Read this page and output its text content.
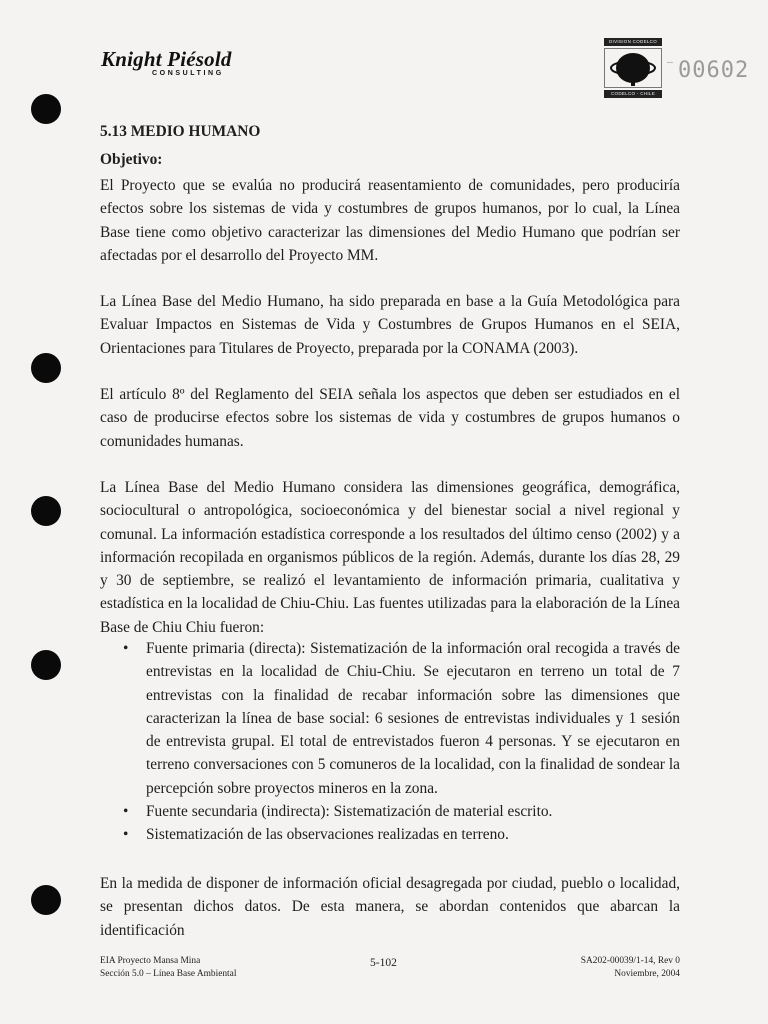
Knight Piésold
CONSULTING
DIVISION CODELCO
CODELCO - CHILE
00602
5.13 MEDIO HUMANO
Objetivo:

El Proyecto que se evalúa no producirá reasentamiento de comunidades, pero produciría efectos sobre los sistemas de vida y costumbres de grupos humanos, por lo cual, la Línea Base tiene como objetivo caracterizar las dimensiones del Medio Humano que podrían ser afectadas por el desarrollo del Proyecto MM.

La Línea Base del Medio Humano, ha sido preparada en base a la Guía Metodológica para Evaluar Impactos en Sistemas de Vida y Costumbres de Grupos Humanos en el SEIA, Orientaciones para Titulares de Proyecto, preparada por la CONAMA (2003).

El artículo 8º del Reglamento del SEIA señala los aspectos que deben ser estudiados en el caso de producirse efectos sobre los sistemas de vida y costumbres de grupos humanos o comunidades humanas.

La Línea Base del Medio Humano considera las dimensiones geográfica, demográfica, sociocultural o antropológica, socioeconómica y del bienestar social a nivel regional y comunal. La información estadística corresponde a los resultados del último censo (2002) y a información recopilada en organismos públicos de la región. Además, durante los días 28, 29 y 30 de septiembre, se realizó el levantamiento de información primaria, cualitativa y estadística en la localidad de Chiu-Chiu. Las fuentes utilizadas para la elaboración de la Línea Base de Chiu Chiu fueron:

• Fuente primaria (directa): Sistematización de la información oral recogida a través de entrevistas en la localidad de Chiu-Chiu. Se ejecutaron en terreno un total de 7 entrevistas con la finalidad de recabar información sobre las dimensiones que caracterizan la línea de base social: 6 sesiones de entrevistas individuales y 1 sesión de entrevista grupal. El total de entrevistados fueron 4 personas. Y se ejecutaron en terreno conversaciones con 5 comuneros de la localidad, con la finalidad de sondear la percepción sobre proyectos mineros en la zona.
• Fuente secundaria (indirecta): Sistematización de material escrito.
• Sistematización de las observaciones realizadas en terreno.

En la medida de disponer de información oficial desagregada por ciudad, pueblo o localidad, se presentan dichos datos. De esta manera, se abordan contenidos que abarcan la identificación

EIA Proyecto Mansa Mina
Sección 5.0 – Línea Base Ambiental
5-102	SA202-00039/1-14, Rev 0
Noviembre, 2004
